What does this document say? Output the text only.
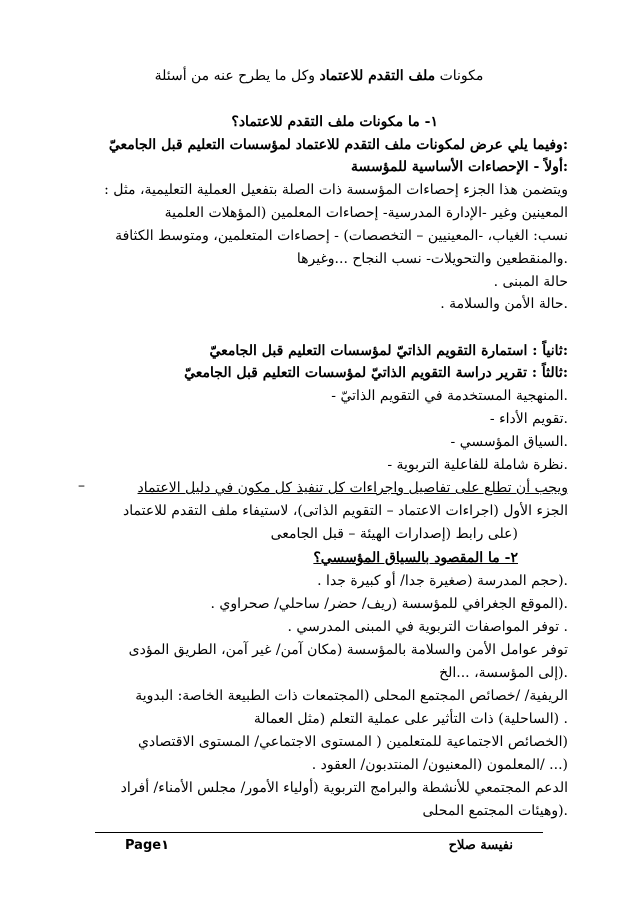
مكونات ملف التقدم للاعتماد وكل ما يطرح عنه من أسئلة
١- ما مكونات ملف التقدم للاعتماد؟
:وفيما يلي عرض لمكونات ملف التقدم للاعتماد لمؤسسات التعليم قبل الجامعيّ
:أولاً - الإحصاءات الأساسية للمؤسسة
ويتضمن هذا الجزء إحصاءات المؤسسة ذات الصلة بتفعيل العملية التعليمية، مثل :
المعينين وغير -الإدارة المدرسية- إحصاءات المعلمين (المؤهلات العلمية
نسب: الغياب، -المعينيين – التخصصات) - إحصاءات المتعلمين، ومتوسط الكثافة
.والمنقطعين والتحويلات- نسب النجاح ...وغيرها
حالة المبنى .
.حالة الأمن والسلامة .
:ثانياً : استمارة التقويم الذاتيّ لمؤسسات التعليم قبل الجامعيّ
:ثالثاً : تقرير دراسة التقويم الذاتيّ لمؤسسات التعليم قبل الجامعيّ
.المنهجية المستخدمة في التقويم الذاتيّ -
.تقويم الأداء -
.السياق المؤسسي -
.نظرة شاملة للفاعلية التربوية -
ويجب أن تطلع على تفاصيل واجراءات كل تنفيذ كل مكون في دليل الاعتماد
–
الجزء الأول (اجراءات الاعتماد – التقويم الذاتى)، لاستيفاء ملف التقدم للاعتماد
(على رابط (إصدارات الهيئة – قبل الجامعى
٢- ما المقصود بالسياق المؤسسي؟
.(حجم المدرسة (صغيرة جدا/ أو كبيرة جدا .
.(الموقع الجغرافي للمؤسسة (ريف/ حضر/ ساحلي/ صحراوي .
. توفر المواصفات التربوية في المبنى المدرسي .
توفر عوامل الأمن والسلامة بالمؤسسة (مكان آمن/ غير آمن، الطريق المؤدى
.(إلى المؤسسة، ...الخ
الريفية/ /خصائص المجتمع المحلى (المجتمعات ذات الطبيعة الخاصة: البدوية
. (الساحلية) ذات التأثير على عملية التعلم (مثل العمالة
(الخصائص الاجتماعية للمتعلمين ( المستوى الاجتماعي/ المستوى الاقتصادي
(... /المعلمون (المعنيون/ المنتدبون/ العقود .
الدعم المجتمعي للأنشطة والبرامج التربوية (أولياء الأمور/ مجلس الأمناء/ أفراد
.(وهيئات المجتمع المحلى
نفيسة صلاح
Page١
